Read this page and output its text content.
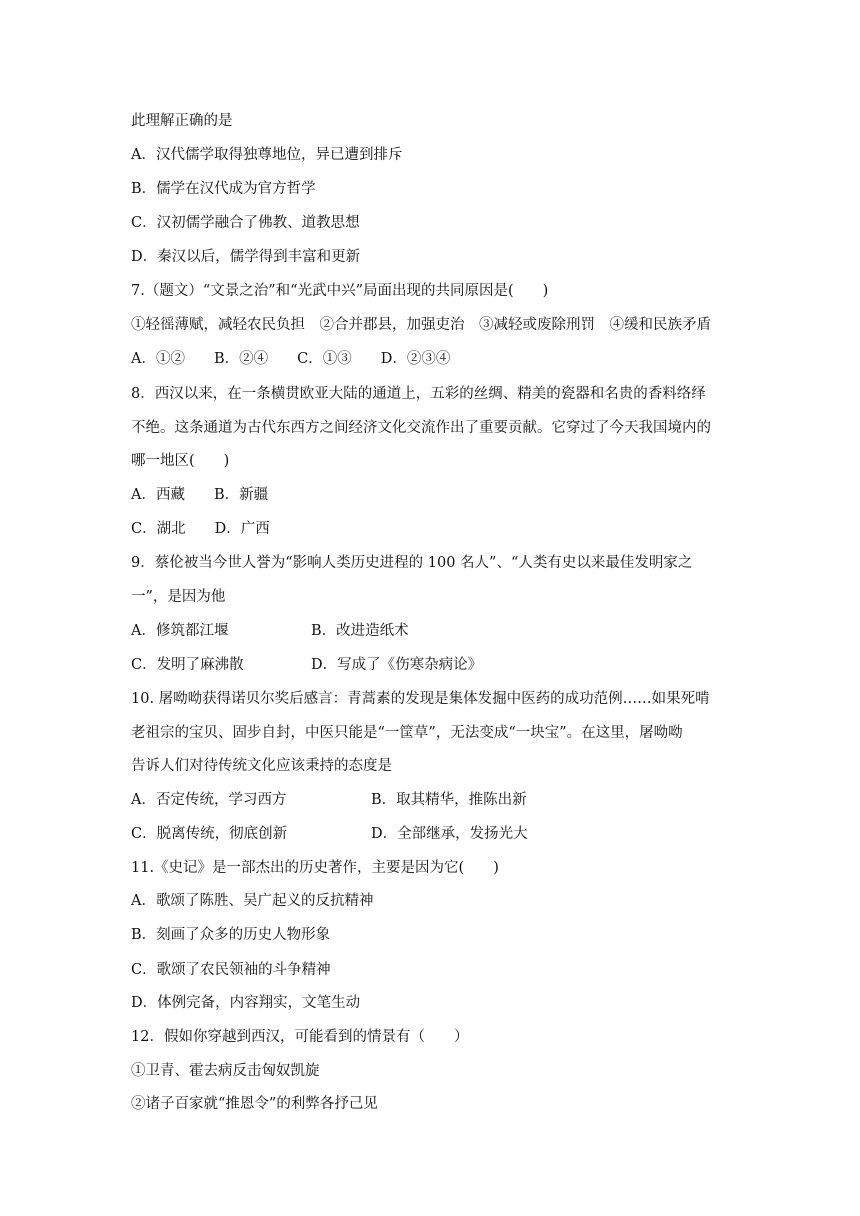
此理解正确的是
A．汉代儒学取得独尊地位，异已遭到排斥
B．儒学在汉代成为官方哲学
C．汉初儒学融合了佛教、道教思想
D．秦汉以后，儒学得到丰富和更新
7.（题文）“文景之治”和“光武中兴”局面出现的共同原因是(　　)
①轻徭薄赋，减轻农民负担　②合并郡县，加强吏治　③减轻或废除刑罚　④缓和民族矛盾
A．①②　　B．②④　　C．①③　　D．②③④
8．西汉以来，在一条横贯欧亚大陆的通道上，五彩的丝绸、精美的瓷器和名贵的香料络绎
不绝。这条通道为古代东西方之间经济文化交流作出了重要贡献。它穿过了今天我国境内的
哪一地区(　　)
A．西藏　　B．新疆
C．湖北　　D．广西
9．蔡伦被当今世人誉为“影响人类历史进程的 100 名人”、“人类有史以来最佳发明家之
一”，是因为他
A．修筑都江堰	B．改进造纸术
C．发明了麻沸散	D．写成了《伤寒杂病论》
10. 屠呦呦获得诺贝尔奖后感言：青蒿素的发现是集体发掘中医药的成功范例……如果死啃
老祖宗的宝贝、固步自封，中医只能是“一筐草”，无法变成“一块宝”。在这里，屠呦呦
告诉人们对待传统文化应该秉持的态度是
A．否定传统，学习西方	B．取其精华，推陈出新
C．脱离传统，彻底创新	D．全部继承，发扬光大
11.《史记》是一部杰出的历史著作，主要是因为它(　　)
A．歌颂了陈胜、吴广起义的反抗精神
B．刻画了众多的历史人物形象
C．歌颂了农民领袖的斗争精神
D．体例完备，内容翔实，文笔生动
12．假如你穿越到西汉，可能看到的情景有（　　）
①卫青、霍去病反击匈奴凯旋
②诸子百家就“推恩令”的利弊各抒己见
